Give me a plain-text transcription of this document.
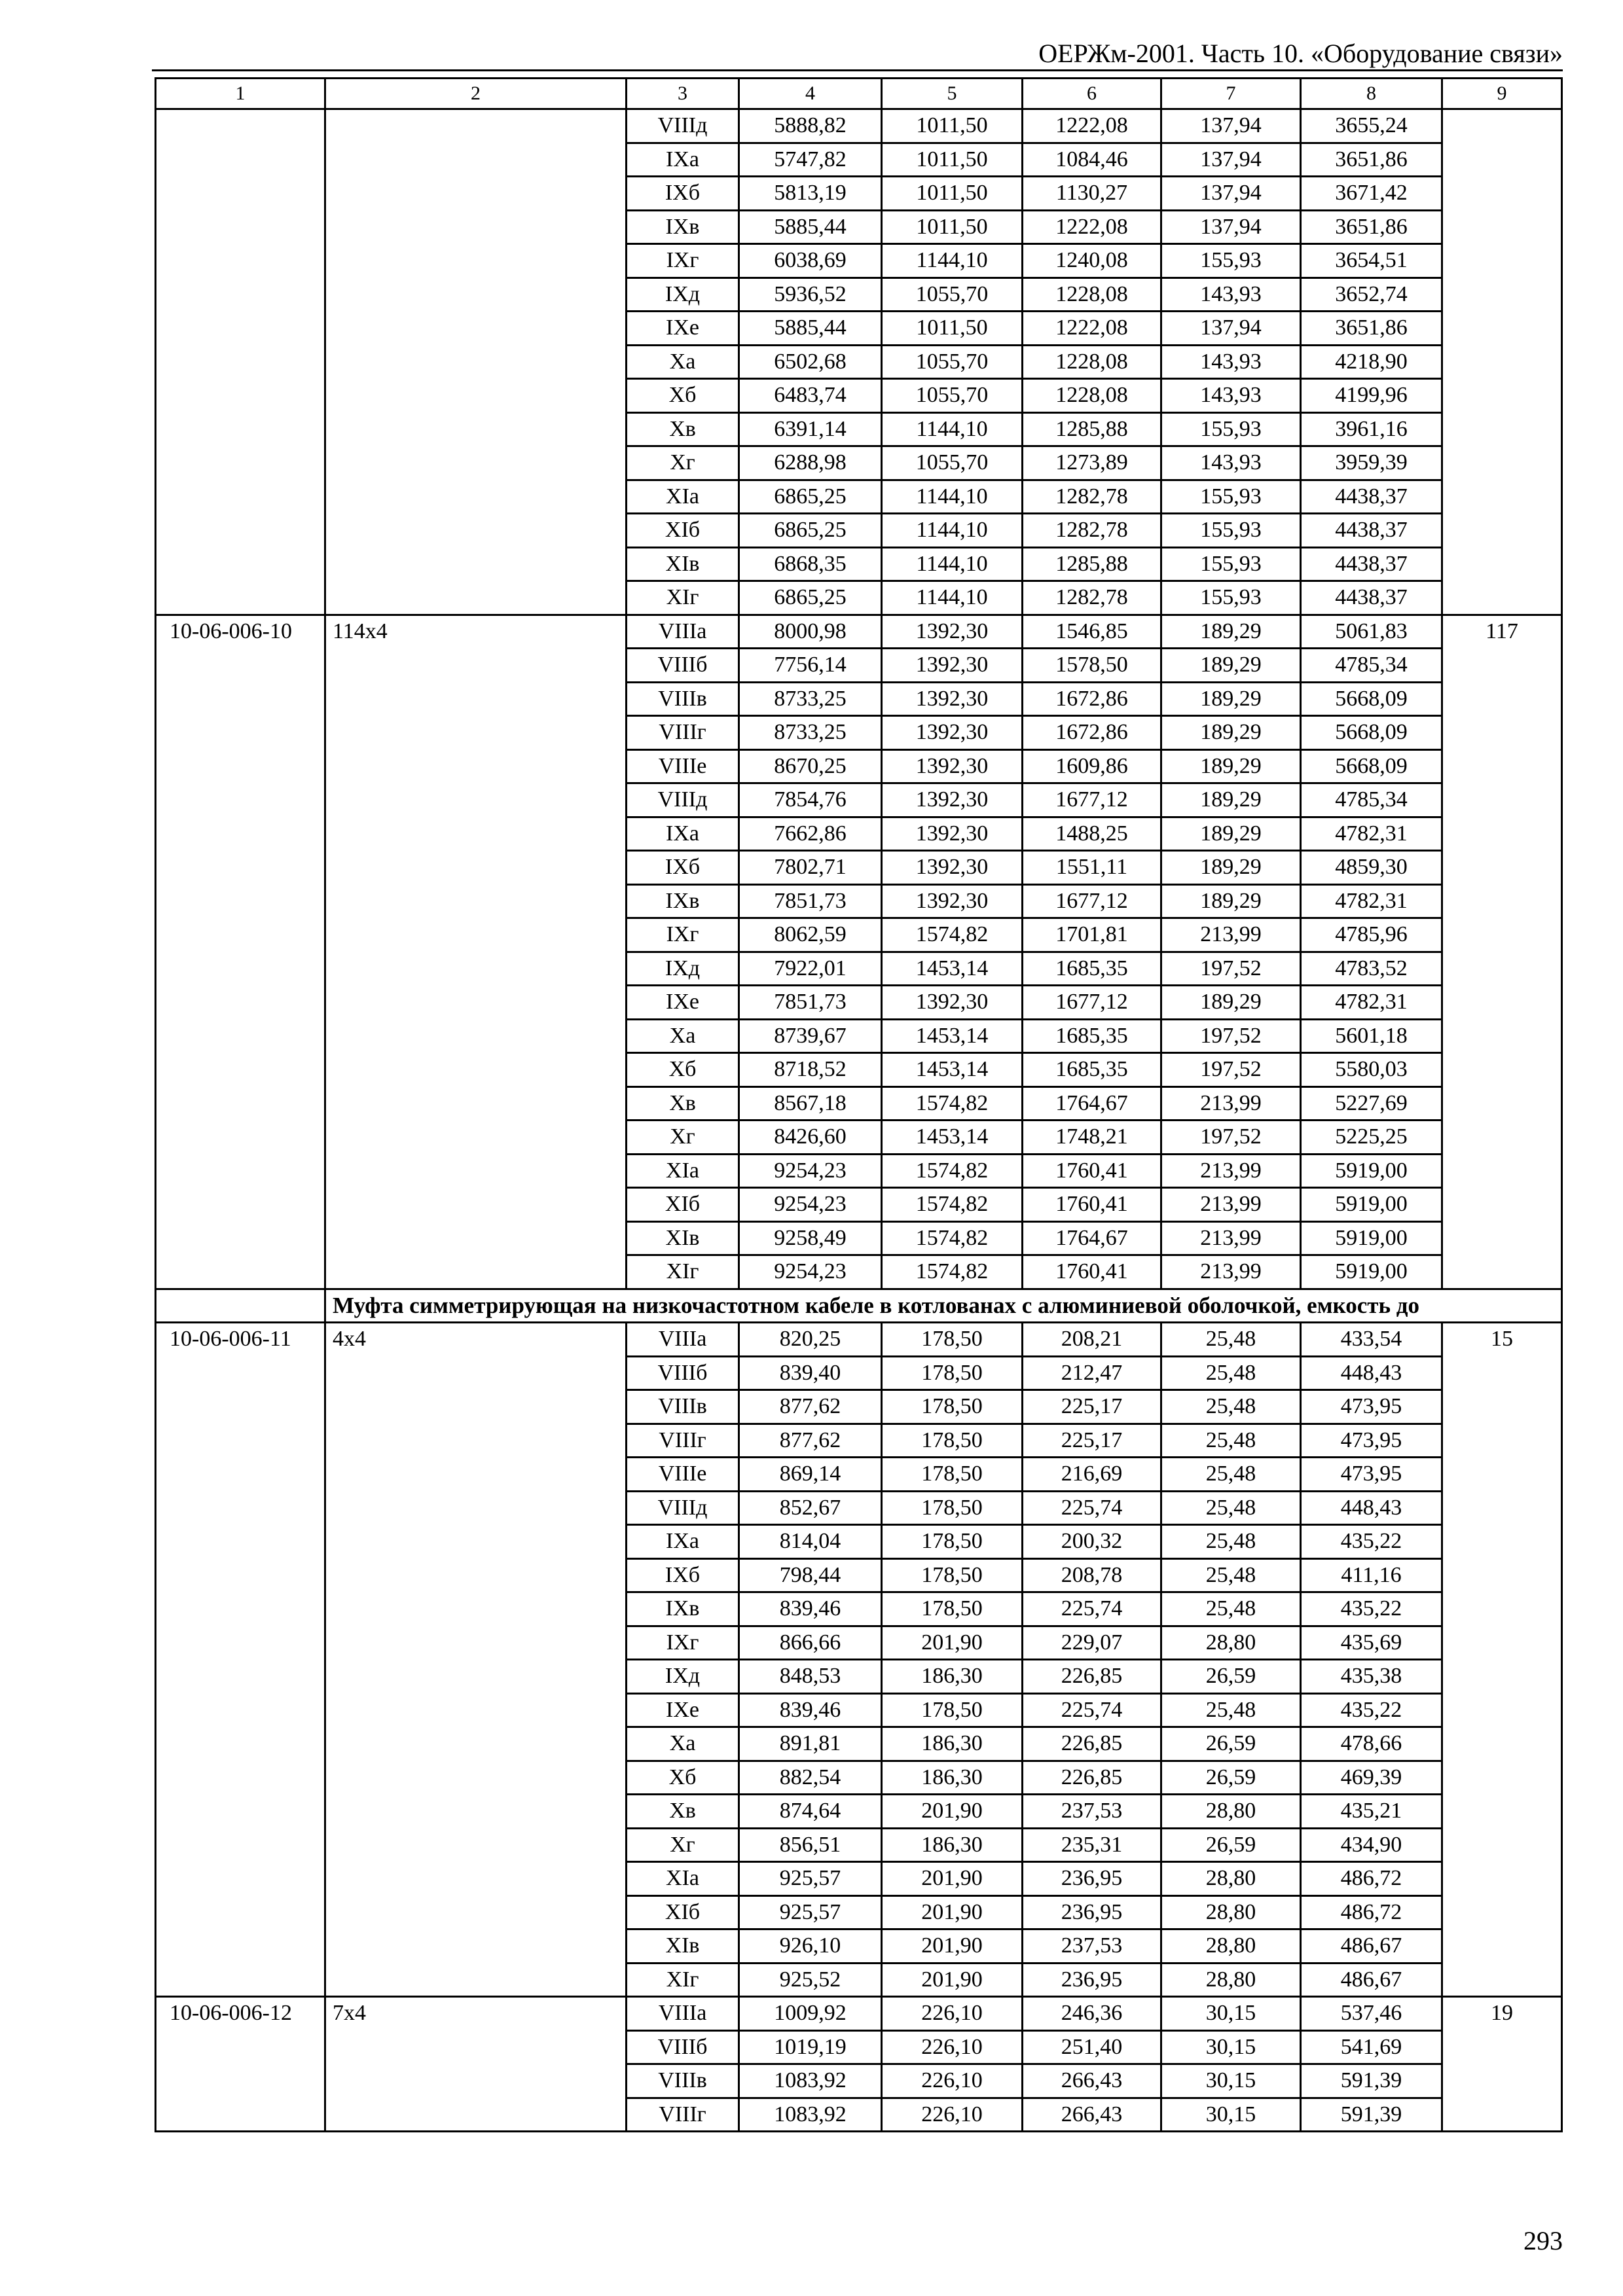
ОЕРЖм-2001. Часть 10. «Оборудование связи»
1	2	3	4	5	6	7	8	9
		VIIIд	5888,82	1011,50	1222,08	137,94	3655,24	
		IXа	5747,82	1011,50	1084,46	137,94	3651,86	
		IXб	5813,19	1011,50	1130,27	137,94	3671,42	
		IXв	5885,44	1011,50	1222,08	137,94	3651,86	
		IXг	6038,69	1144,10	1240,08	155,93	3654,51	
		IXд	5936,52	1055,70	1228,08	143,93	3652,74	
		IXе	5885,44	1011,50	1222,08	137,94	3651,86	
		Xа	6502,68	1055,70	1228,08	143,93	4218,90	
		Xб	6483,74	1055,70	1228,08	143,93	4199,96	
		Xв	6391,14	1144,10	1285,88	155,93	3961,16	
		Xг	6288,98	1055,70	1273,89	143,93	3959,39	
		XIа	6865,25	1144,10	1282,78	155,93	4438,37	
		XIб	6865,25	1144,10	1282,78	155,93	4438,37	
		XIв	6868,35	1144,10	1285,88	155,93	4438,37	
		XIг	6865,25	1144,10	1282,78	155,93	4438,37	
10-06-006-10	114x4	VIIIа	8000,98	1392,30	1546,85	189,29	5061,83	117
		VIIIб	7756,14	1392,30	1578,50	189,29	4785,34	
		VIIIв	8733,25	1392,30	1672,86	189,29	5668,09	
		VIIIг	8733,25	1392,30	1672,86	189,29	5668,09	
		VIIIе	8670,25	1392,30	1609,86	189,29	5668,09	
		VIIIд	7854,76	1392,30	1677,12	189,29	4785,34	
		IXа	7662,86	1392,30	1488,25	189,29	4782,31	
		IXб	7802,71	1392,30	1551,11	189,29	4859,30	
		IXв	7851,73	1392,30	1677,12	189,29	4782,31	
		IXг	8062,59	1574,82	1701,81	213,99	4785,96	
		IXд	7922,01	1453,14	1685,35	197,52	4783,52	
		IXе	7851,73	1392,30	1677,12	189,29	4782,31	
		Xа	8739,67	1453,14	1685,35	197,52	5601,18	
		Xб	8718,52	1453,14	1685,35	197,52	5580,03	
		Xв	8567,18	1574,82	1764,67	213,99	5227,69	
		Xг	8426,60	1453,14	1748,21	197,52	5225,25	
		XIа	9254,23	1574,82	1760,41	213,99	5919,00	
		XIб	9254,23	1574,82	1760,41	213,99	5919,00	
		XIв	9258,49	1574,82	1764,67	213,99	5919,00	
		XIг	9254,23	1574,82	1760,41	213,99	5919,00	
	Муфта симметрирующая на низкочастотном кабеле в котлованах с алюминиевой оболочкой, емкость до							
10-06-006-11	4x4	VIIIа	820,25	178,50	208,21	25,48	433,54	15
		VIIIб	839,40	178,50	212,47	25,48	448,43	
		VIIIв	877,62	178,50	225,17	25,48	473,95	
		VIIIг	877,62	178,50	225,17	25,48	473,95	
		VIIIе	869,14	178,50	216,69	25,48	473,95	
		VIIIд	852,67	178,50	225,74	25,48	448,43	
		IXа	814,04	178,50	200,32	25,48	435,22	
		IXб	798,44	178,50	208,78	25,48	411,16	
		IXв	839,46	178,50	225,74	25,48	435,22	
		IXг	866,66	201,90	229,07	28,80	435,69	
		IXд	848,53	186,30	226,85	26,59	435,38	
		IXе	839,46	178,50	225,74	25,48	435,22	
		Xа	891,81	186,30	226,85	26,59	478,66	
		Xб	882,54	186,30	226,85	26,59	469,39	
		Xв	874,64	201,90	237,53	28,80	435,21	
		Xг	856,51	186,30	235,31	26,59	434,90	
		XIа	925,57	201,90	236,95	28,80	486,72	
		XIб	925,57	201,90	236,95	28,80	486,72	
		XIв	926,10	201,90	237,53	28,80	486,67	
		XIг	925,52	201,90	236,95	28,80	486,67	
10-06-006-12	7x4	VIIIа	1009,92	226,10	246,36	30,15	537,46	19
		VIIIб	1019,19	226,10	251,40	30,15	541,69	
		VIIIв	1083,92	226,10	266,43	30,15	591,39	
		VIIIг	1083,92	226,10	266,43	30,15	591,39	
293
